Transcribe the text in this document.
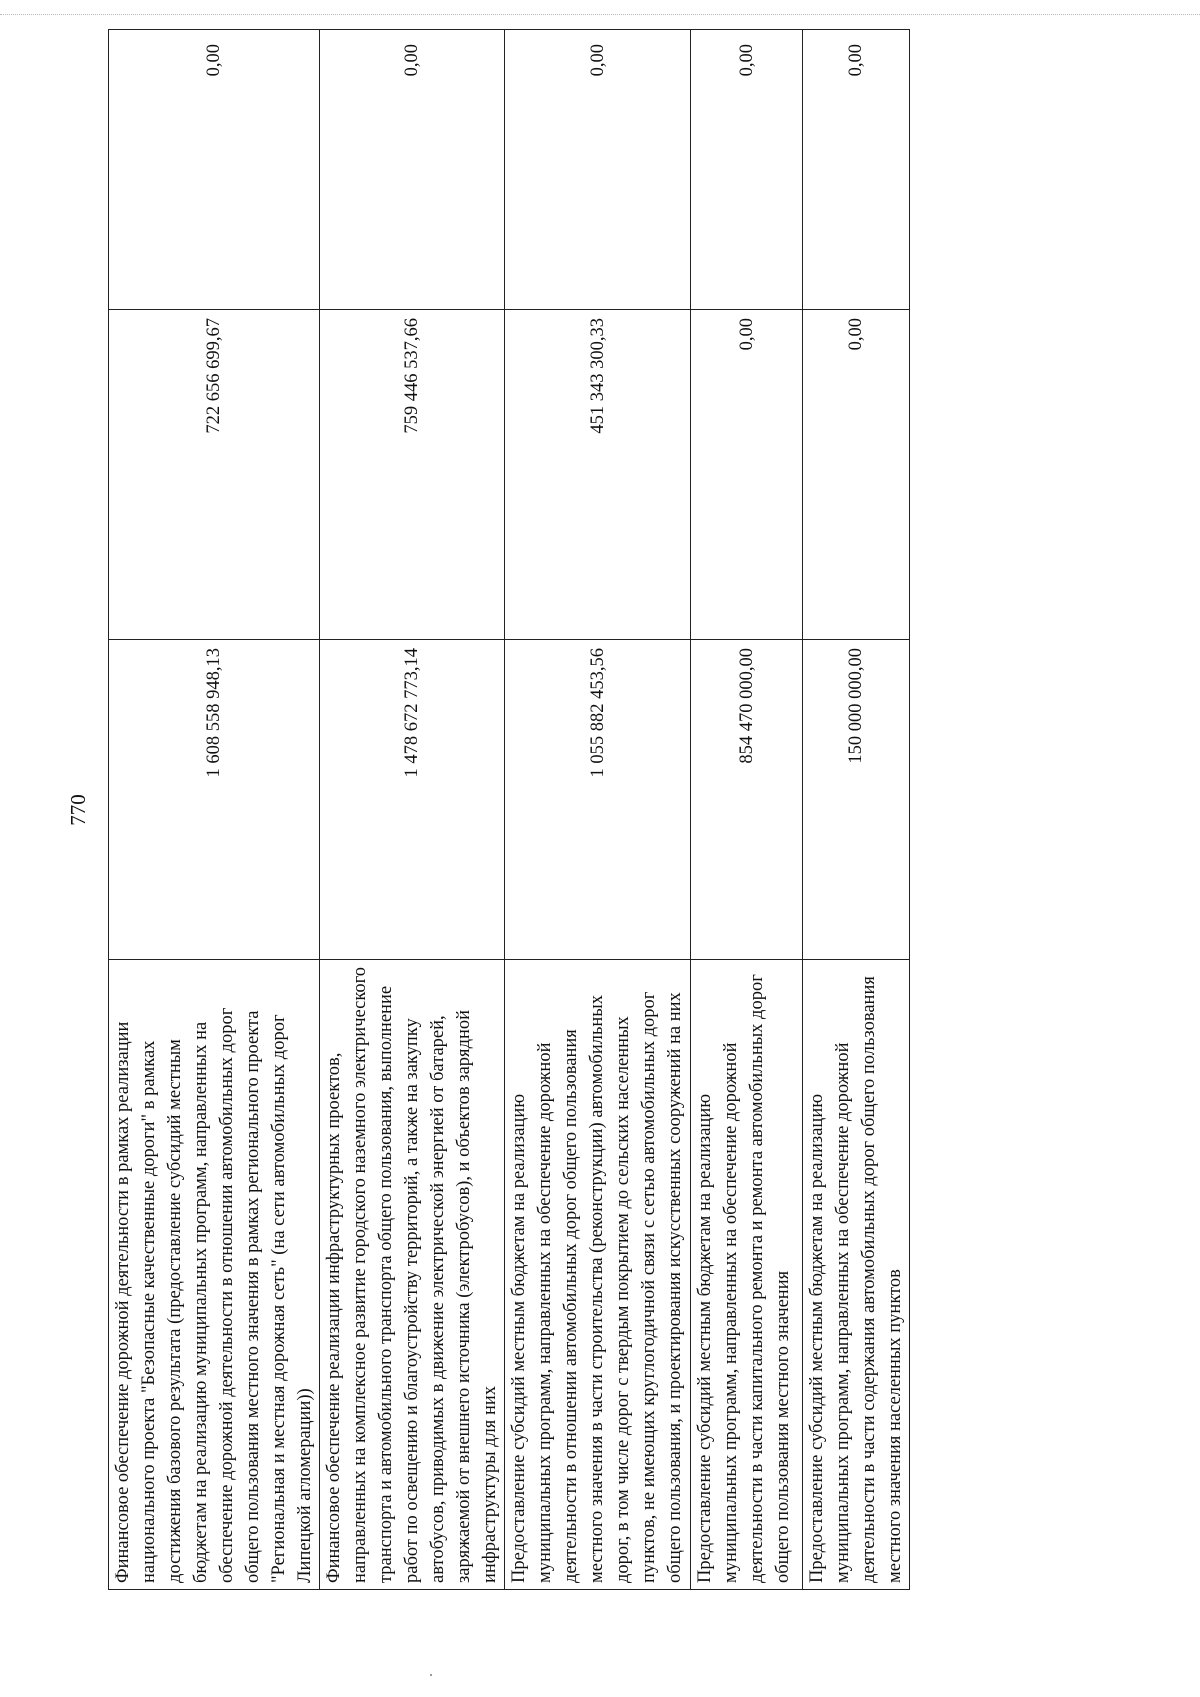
770
Финансовое обеспечение дорожной деятельности в рамках реализации национального проекта "Безопасные качественные дороги" в рамках достижения базового результата (предоставление субсидий местным бюджетам на реализацию муниципальных программ, направленных на обеспечение дорожной деятельности в отношении автомобильных дорог общего пользования местного значения в рамках регионального проекта "Региональная и местная дорожная сеть" (на сети автомобильных дорог Липецкой агломерации))	1 608 558 948,13	722 656 699,67	0,00
Финансовое обеспечение реализации инфраструктурных проектов, направленных на комплексное развитие городского наземного электрического транспорта и автомобильного транспорта общего пользования, выполнение работ по освещению и благоустройству территорий, а также на закупку автобусов, приводимых в движение электрической энергией от батарей, заряжаемой от внешнего источника (электробусов), и объектов зарядной инфраструктуры для них	1 478 672 773,14	759 446 537,66	0,00
Предоставление субсидий местным бюджетам на реализацию муниципальных программ, направленных на обеспечение дорожной деятельности в отношении автомобильных дорог общего пользования местного значения в части строительства (реконструкции) автомобильных дорог, в том числе дорог с твердым покрытием до сельских населенных пунктов, не имеющих круглогодичной связи с сетью автомобильных дорог общего пользования, и проектирования искусственных сооружений на них	1 055 882 453,56	451 343 300,33	0,00
Предоставление субсидий местным бюджетам на реализацию муниципальных программ, направленных на обеспечение дорожной деятельности в части капитального ремонта и ремонта автомобильных дорог общего пользования местного значения	854 470 000,00	0,00	0,00
Предоставление субсидий местным бюджетам на реализацию муниципальных программ, направленных на обеспечение дорожной деятельности в части содержания автомобильных дорог общего пользования местного значения населенных пунктов	150 000 000,00	0,00	0,00
